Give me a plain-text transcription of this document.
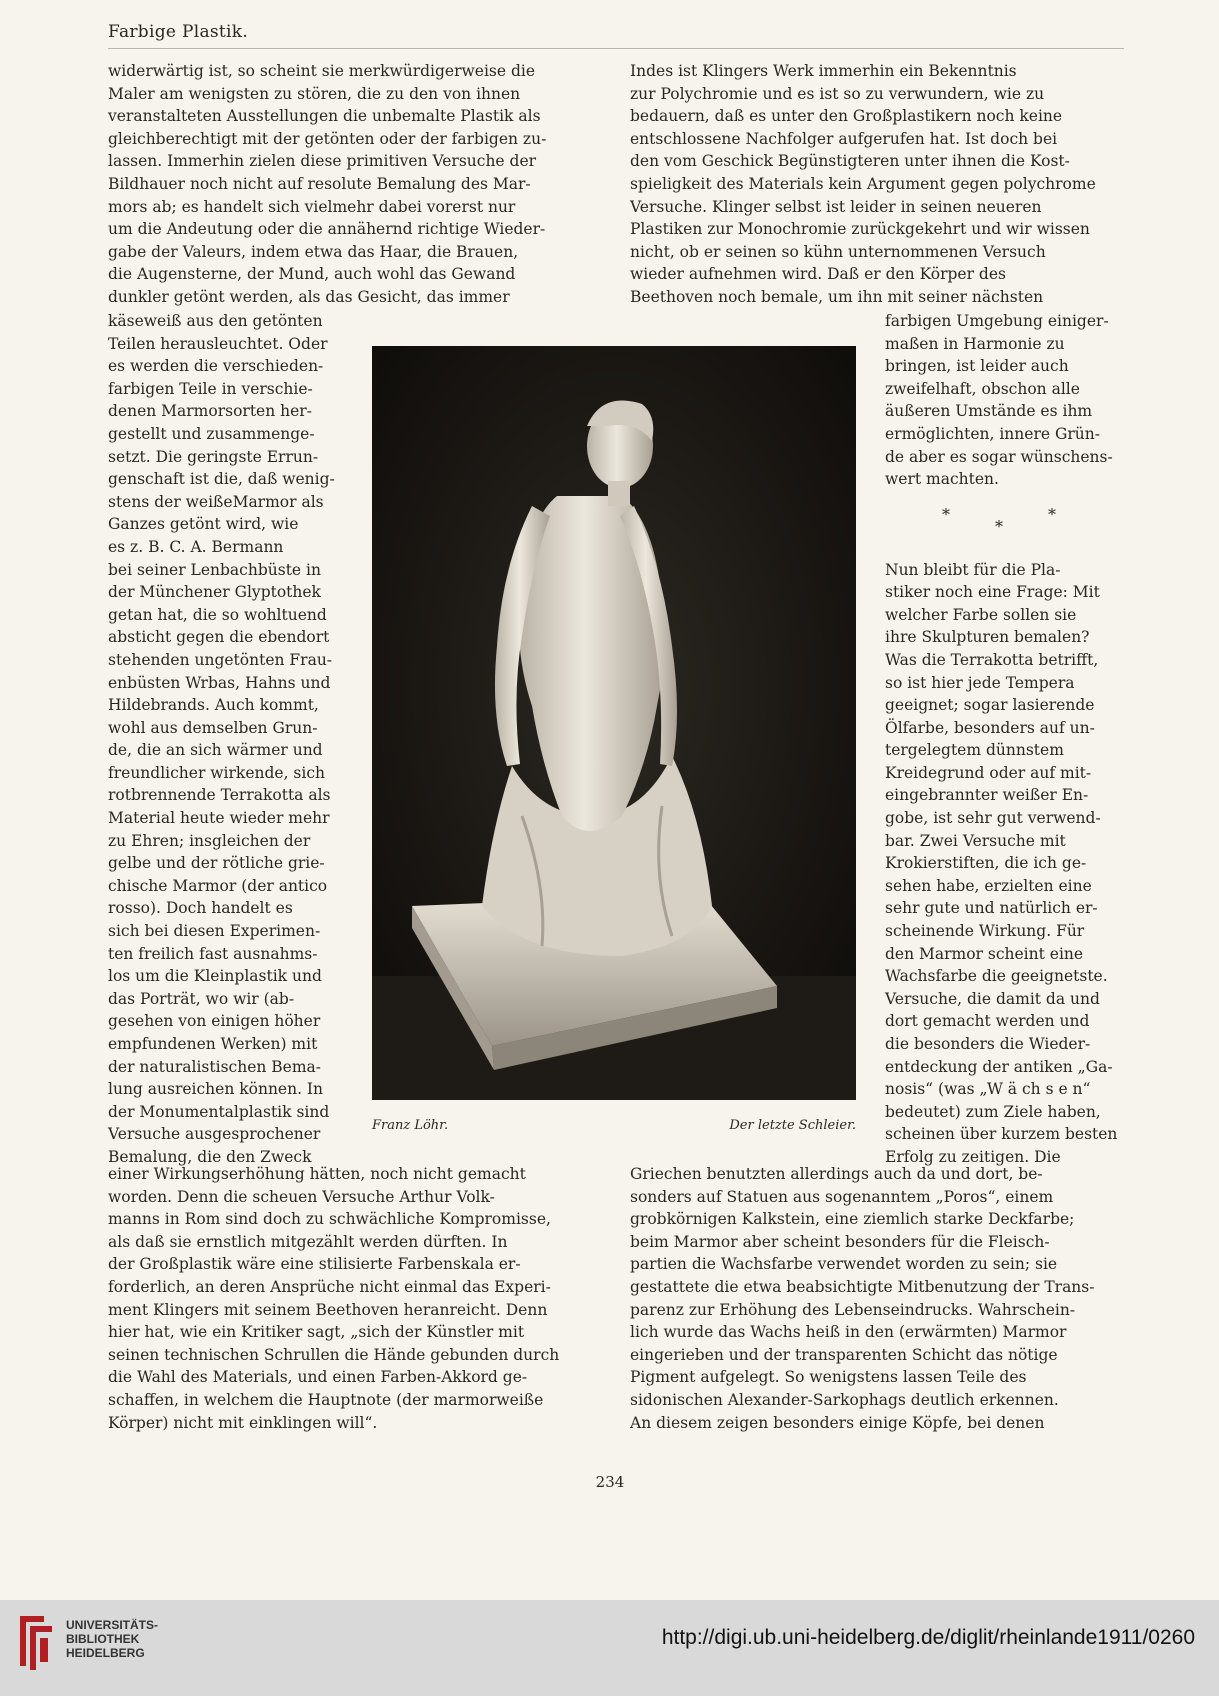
Farbige Plastik.

widerwärtig ist, so scheint sie merkwürdigerweise die
Maler am wenigsten zu stören, die zu den von ihnen
veranstalteten Ausstellungen die unbemalte Plastik als
gleichberechtigt mit der getönten oder der farbigen zu-
lassen. Immerhin zielen diese primitiven Versuche der
Bildhauer noch nicht auf resolute Bemalung des Mar-
mors ab; es handelt sich vielmehr dabei vorerst nur
um die Andeutung oder die annähernd richtige Wieder-
gabe der Valeurs, indem etwa das Haar, die Brauen,
die Augensterne, der Mund, auch wohl das Gewand
dunkler getönt werden, als das Gesicht, das immer

käseweiß aus den getönten
Teilen herausleuchtet. Oder
es werden die verschieden-
farbigen Teile in verschie-
denen Marmorsorten her-
gestellt und zusammenge-
setzt. Die geringste Errun-
genschaft ist die, daß wenig-
stens der weißeMarmor als
Ganzes getönt wird, wie
es z. B. C. A. Bermann
bei seiner Lenbachbüste in
der Münchener Glyptothek
getan hat, die so wohltuend
absticht gegen die ebendort
stehenden ungetönten Frau-
enbüsten Wrbas, Hahns und
Hildebrands. Auch kommt,
wohl aus demselben Grun-
de, die an sich wärmer und
freundlicher wirkende, sich
rotbrennende Terrakotta als
Material heute wieder mehr
zu Ehren; insgleichen der
gelbe und der rötliche grie-
chische Marmor (der antico
rosso). Doch handelt es
sich bei diesen Experimen-
ten freilich fast ausnahms-
los um die Kleinplastik und
das Porträt, wo wir (ab-
gesehen von einigen höher
empfundenen Werken) mit
der naturalistischen Bema-
lung ausreichen können. In
der Monumentalplastik sind
Versuche ausgesprochener
Bemalung, die den Zweck

einer Wirkungserhöhung hätten, noch nicht gemacht
worden. Denn die scheuen Versuche Arthur Volk-
manns in Rom sind doch zu schwächliche Kompromisse,
als daß sie ernstlich mitgezählt werden dürften. In
der Großplastik wäre eine stilisierte Farbenskala er-
forderlich, an deren Ansprüche nicht einmal das Experi-
ment Klingers mit seinem Beethoven heranreicht. Denn
hier hat, wie ein Kritiker sagt, „sich der Künstler mit
seinen technischen Schrullen die Hände gebunden durch
die Wahl des Materials, und einen Farben-Akkord ge-
schaffen, in welchem die Hauptnote (der marmorweiße
Körper) nicht mit einklingen will“.

Indes ist Klingers Werk immerhin ein Bekenntnis
zur Polychromie und es ist so zu verwundern, wie zu
bedauern, daß es unter den Großplastikern noch keine
entschlossene Nachfolger aufgerufen hat. Ist doch bei
den vom Geschick Begünstigteren unter ihnen die Kost-
spieligkeit des Materials kein Argument gegen polychrome
Versuche. Klinger selbst ist leider in seinen neueren
Plastiken zur Monochromie zurückgekehrt und wir wissen
nicht, ob er seinen so kühn unternommenen Versuch
wieder aufnehmen wird. Daß er den Körper des
Beethoven noch bemale, um ihn mit seiner nächsten

farbigen Umgebung einiger-
maßen in Harmonie zu
bringen, ist leider auch
zweifelhaft, obschon alle
äußeren Umstände es ihm
ermöglichten, innere Grün-
de aber es sogar wünschens-
wert machten.

Nun bleibt für die Pla-
stiker noch eine Frage: Mit
welcher Farbe sollen sie
ihre Skulpturen bemalen?
Was die Terrakotta betrifft,
so ist hier jede Tempera
geeignet; sogar lasierende
Ölfarbe, besonders auf un-
tergelegtem dünnstem
Kreidegrund oder auf mit-
eingebrannter weißer En-
gobe, ist sehr gut verwend-
bar. Zwei Versuche mit
Krokierstiften, die ich ge-
sehen habe, erzielten eine
sehr gute und natürlich er-
scheinende Wirkung. Für
den Marmor scheint eine
Wachsfarbe die geeignetste.
Versuche, die damit da und
dort gemacht werden und
die besonders die Wieder-
entdeckung der antiken „Ga-
nosis“ (was „W ä ch s e n“
bedeutet) zum Ziele haben,
scheinen über kurzem besten
Erfolg zu zeitigen. Die

Griechen benutzten allerdings auch da und dort, be-
sonders auf Statuen aus sogenanntem „Poros“, einem
grobkörnigen Kalkstein, eine ziemlich starke Deckfarbe;
beim Marmor aber scheint besonders für die Fleisch-
partien die Wachsfarbe verwendet worden zu sein; sie
gestattete die etwa beabsichtigte Mitbenutzung der Trans-
parenz zur Erhöhung des Lebenseindrucks. Wahrschein-
lich wurde das Wachs heiß in den (erwärmten) Marmor
eingerieben und der transparenten Schicht das nötige
Pigment aufgelegt. So wenigstens lassen Teile des
sidonischen Alexander-Sarkophags deutlich erkennen.
An diesem zeigen besonders einige Köpfe, bei denen

*
*
*
Franz Löhr.	Der letzte Schleier.
234
UNIVERSITÄTS-
BIBLIOTHEK
HEIDELBERG
http://digi.ub.uni-heidelberg.de/diglit/rheinlande1911/0260
